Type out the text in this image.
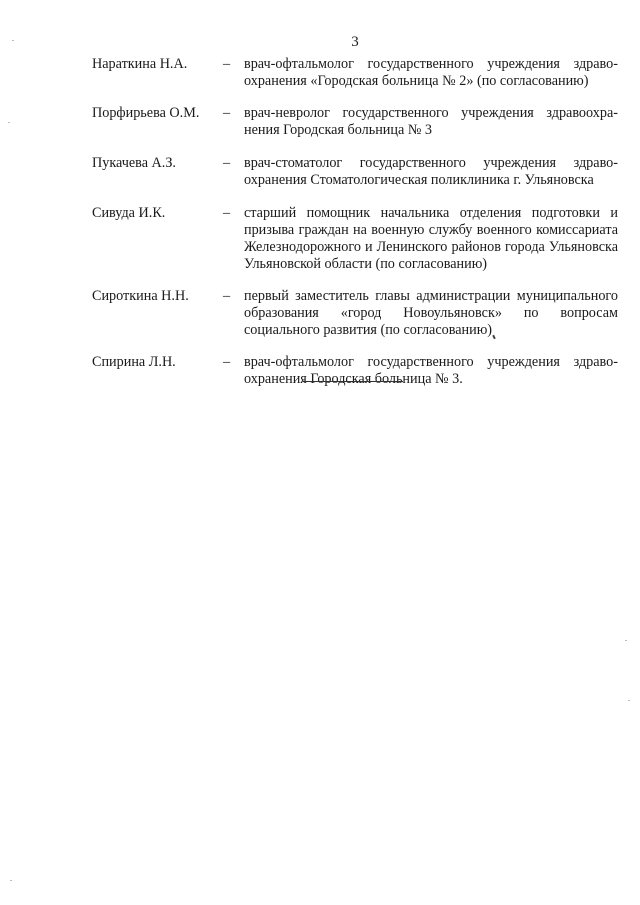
3
Нараткина Н.А.	– врач-офтальмолог государственного учреждения здравоохранения «Городская больница № 2» (по согласованию)
Порфирьева О.М. – врач-невролог государственного учреждения здравоохранения Городская больница № 3
Пукачева А.З.	– врач-стоматолог государственного учреждения здравоохранения Стоматологическая поликлиника г. Ульяновска
Сивуда И.К.	– старший помощник начальника отделения подготовки и призыва граждан на военную службу военного комиссариата Железнодорожного и Ленинского районов города Ульяновска Ульяновской области (по согласованию)
Сироткина Н.Н. – первый заместитель главы администрации муниципального образования «город Новоульяновск» по вопросам социального развития (по согласованию)
Спирина Л.Н.	– врач-офтальмолог государственного учреждения здравоохранения Городская больница № 3.
